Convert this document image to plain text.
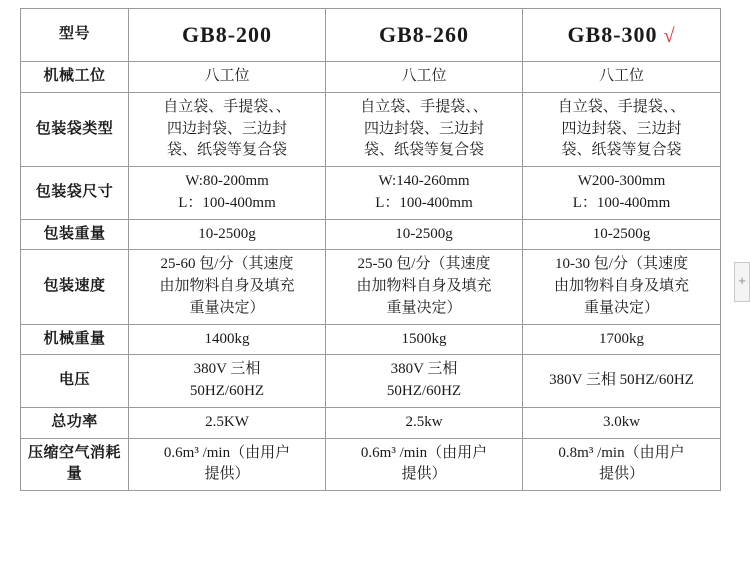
型号	GB8-200	GB8-260	GB8-300 √
机械工位	八工位	八工位	八工位

包装袋类型	自立袋、手提袋、、
四边封袋、三边封
袋、纸袋等复合袋	自立袋、手提袋、、
四边封袋、三边封
袋、纸袋等复合袋	自立袋、手提袋、、
四边封袋、三边封
袋、纸袋等复合袋

包装袋尺寸	W:80-200mm
L：100-400mm	W:140-260mm
L：100-400mm	W200-300mm
L：100-400mm

包装重量	10-2500g	10-2500g	10-2500g

包装速度	25-60 包/分（其速度
由加物料自身及填充
重量决定）	25-50 包/分（其速度
由加物料自身及填充
重量决定）	10-30 包/分（其速度
由加物料自身及填充
重量决定）

机械重量	1400kg	1500kg	1700kg

电压	380V 三相
50HZ/60HZ	380V 三相
50HZ/60HZ	380V 三相 50HZ/60HZ

总功率	2.5KW	2.5kw	3.0kw

压缩空气消耗量	0.6m³ /min（由用户
提供）	0.6m³ /min（由用户
提供）	0.8m³ /min（由用户
提供）
+
